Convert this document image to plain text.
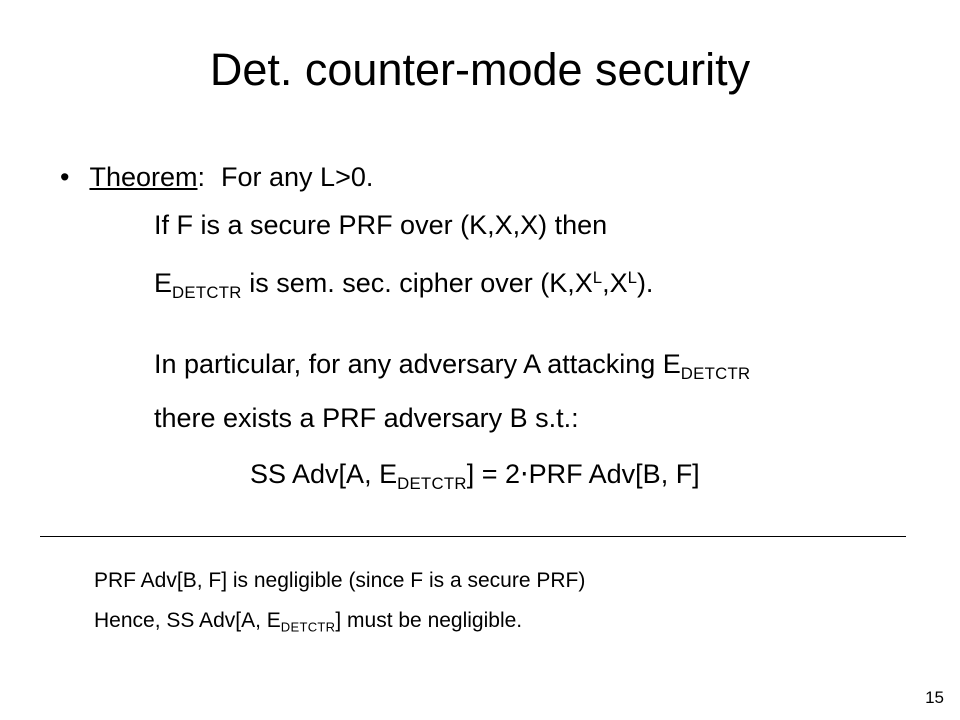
Det. counter-mode security
• Theorem: For any L>0.
If F is a secure PRF over (K,X,X) then
$E_{DETCTR}$ is sem. sec. cipher over $(K,X^L,X^L)$.
In particular, for any adversary A attacking $E_{DETCTR}$
there exists a PRF adversary B s.t.:
SS Adv[A, $E_{DETCTR}] = 2\cdot PRF$ Adv[B, F]
PRF Adv[B, F] is negligible (since F is a secure PRF)
Hence, SS Adv[A, $E_{DETCTR}$] must be negligible.
15
